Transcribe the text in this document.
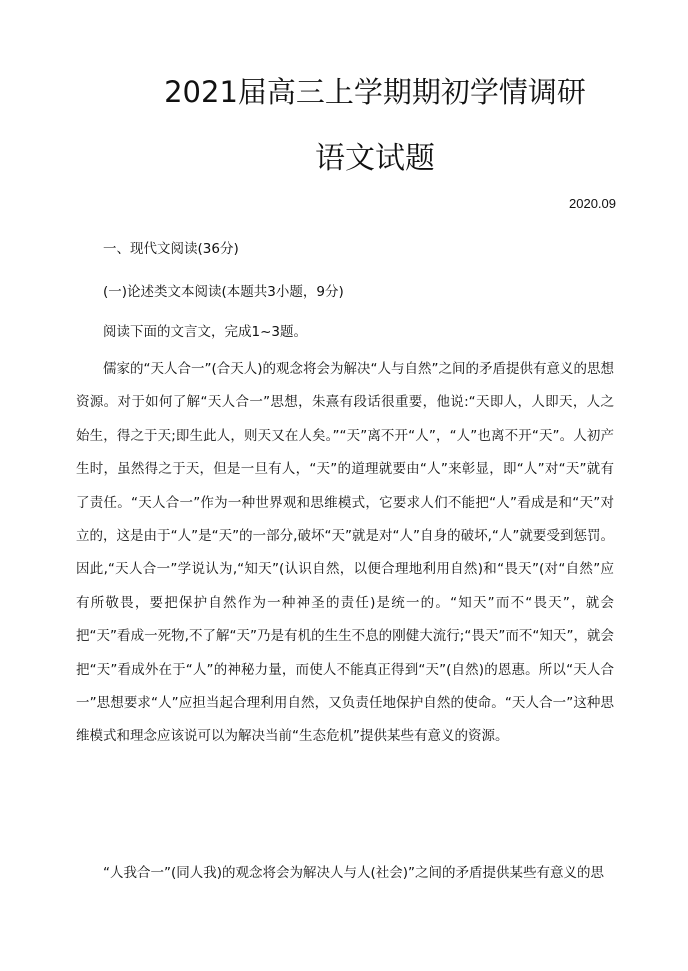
2021届高三上学期期初学情调研
语文试题
2020.09
一、现代文阅读(36分)
(一)论述类文本阅读(本题共3小题，9分)
阅读下面的文言文，完成1~3题。

儒家的“天人合一”(合天人)的观念将会为解决“人与自然”之间的矛盾提供有意义的思想资源。对于如何了解“天人合一”思想，朱熹有段话很重要，他说:“天即人，人即天，人之始生，得之于天;即生此人，则天又在人矣。”“天”离不开“人”，“人”也离不开“天”。人初产生时，虽然得之于天，但是一旦有人，“天”的道理就要由“人”来彰显，即“人”对“天”就有了责任。“天人合一”作为一种世界观和思维模式，它要求人们不能把“人”看成是和“天”对立的，这是由于“人”是“天”的一部分,破坏“天”就是对“人”自身的破坏,“人”就要受到惩罚。因此,“天人合一”学说认为,“知天”(认识自然，以便合理地利用自然)和“畏天”(对“自然”应有所敬畏，要把保护自然作为一种神圣的责任)是统一的。“知天”而不“畏天”，就会把“天”看成一死物,不了解“天”乃是有机的生生不息的刚健大流行;“畏天”而不“知天”，就会把“天”看成外在于“人”的神秘力量，而使人不能真正得到“天”(自然)的恩惠。所以“天人合一”思想要求“人”应担当起合理利用自然，又负责任地保护自然的使命。“天人合一”这种思维模式和理念应该说可以为解决当前“生态危机”提供某些有意义的资源。

“人我合一”(同人我)的观念将会为解决人与人(社会)”之间的矛盾提供某些有意义的思
